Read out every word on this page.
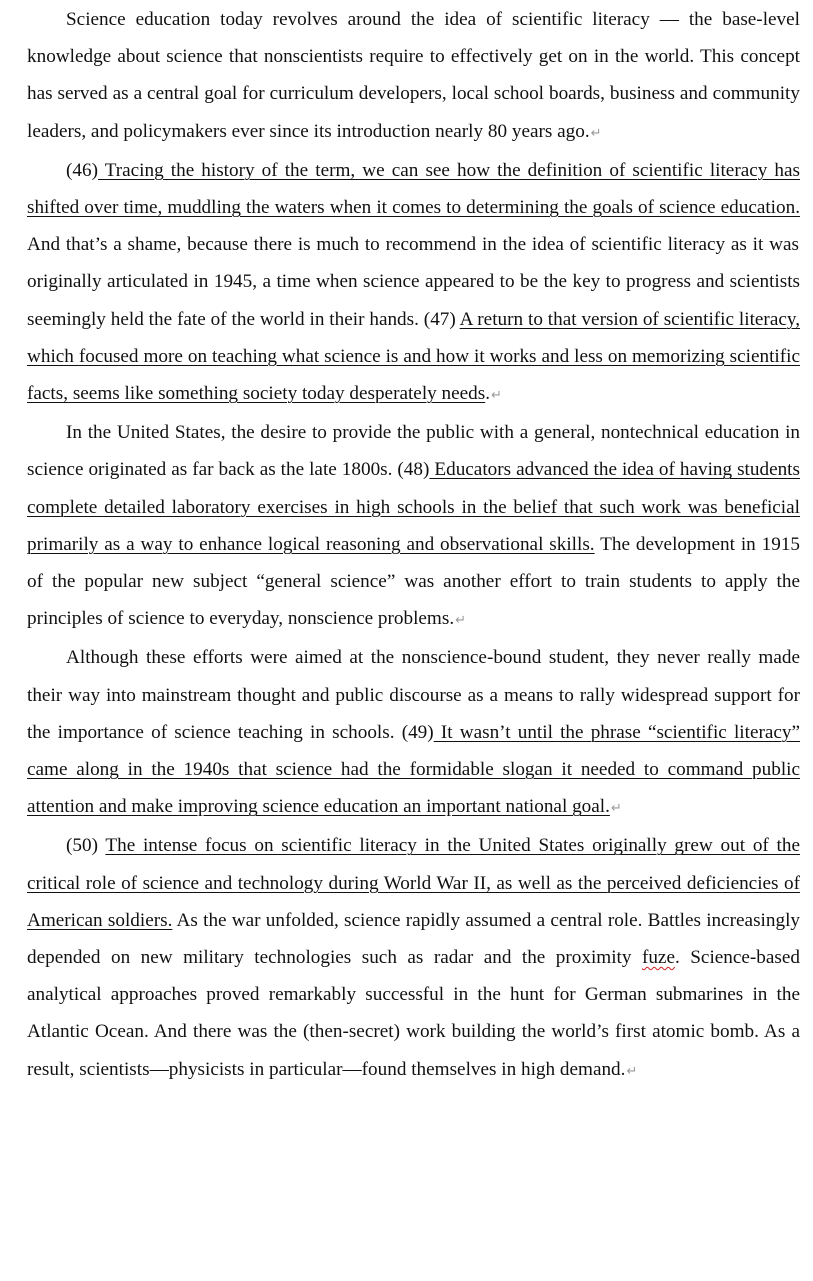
Science education today revolves around the idea of scientific literacy — the base-level knowledge about science that nonscientists require to effectively get on in the world. This concept has served as a central goal for curriculum developers, local school boards, business and community leaders, and policymakers ever since its introduction nearly 80 years ago.↵

(46) Tracing the history of the term, we can see how the definition of scientific literacy has shifted over time, muddling the waters when it comes to determining the goals of science education. And that’s a shame, because there is much to recommend in the idea of scientific literacy as it was originally articulated in 1945, a time when science appeared to be the key to progress and scientists seemingly held the fate of the world in their hands. (47) A return to that version of scientific literacy, which focused more on teaching what science is and how it works and less on memorizing scientific facts, seems like something society today desperately needs.↵

In the United States, the desire to provide the public with a general, nontechnical education in science originated as far back as the late 1800s. (48) Educators advanced the idea of having students complete detailed laboratory exercises in high schools in the belief that such work was beneficial primarily as a way to enhance logical reasoning and observational skills. The development in 1915 of the popular new subject “general science” was another effort to train students to apply the principles of science to everyday, nonscience problems.↵

Although these efforts were aimed at the nonscience-bound student, they never really made their way into mainstream thought and public discourse as a means to rally widespread support for the importance of science teaching in schools. (49) It wasn’t until the phrase “scientific literacy” came along in the 1940s that science had the formidable slogan it needed to command public attention and make improving science education an important national goal.↵

(50) The intense focus on scientific literacy in the United States originally grew out of the critical role of science and technology during World War II, as well as the perceived deficiencies of American soldiers. As the war unfolded, science rapidly assumed a central role. Battles increasingly depended on new military technologies such as radar and the proximity fuze. Science-based analytical approaches proved remarkably successful in the hunt for German submarines in the Atlantic Ocean. And there was the (then-secret) work building the world’s first atomic bomb. As a result, scientists—physicists in particular—found themselves in high demand.↵
